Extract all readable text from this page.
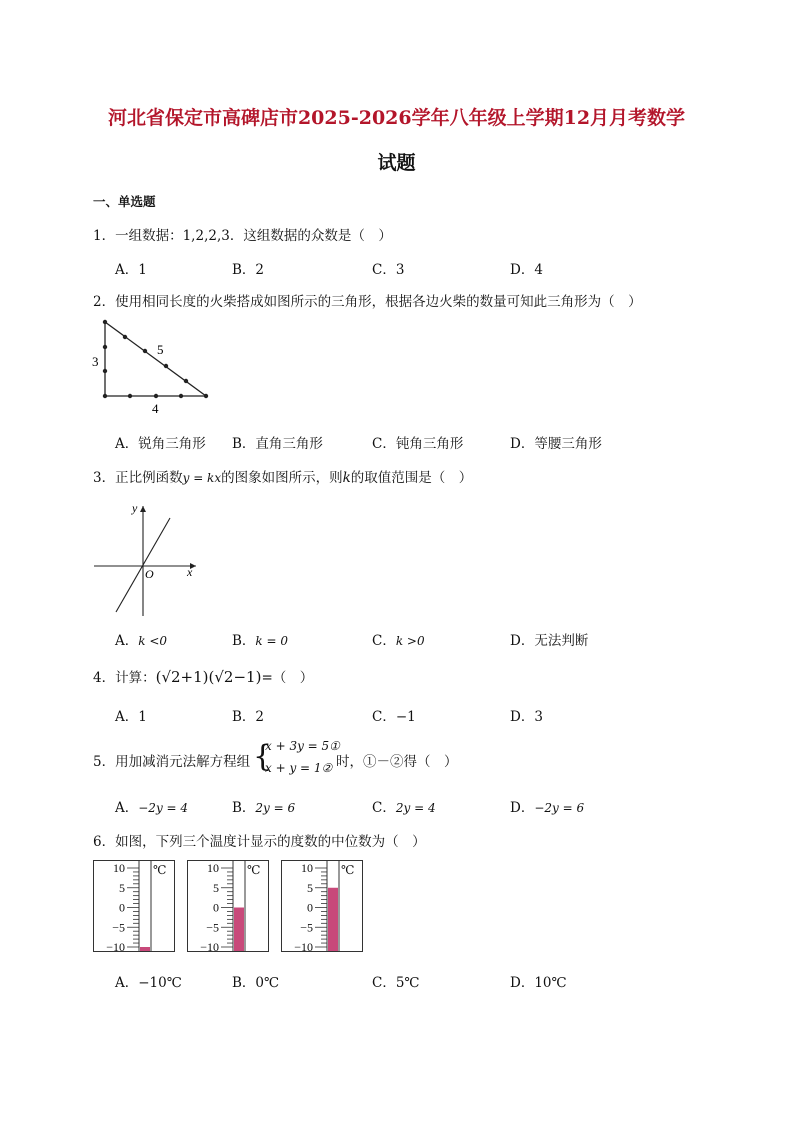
河北省保定市高碑店市2025-2026学年八年级上学期12月月考数学
试题
一、单选题
1．一组数据：1,2,2,3．这组数据的众数是（　）
A．1	B．2	C．3	D．4
2．使用相同长度的火柴搭成如图所示的三角形，根据各边火柴的数量可知此三角形为（　）
3
5
4
A．锐角三角形 B．直角三角形	C．钝角三角形	D．等腰三角形
3．正比例函数y = kx的图象如图所示，则k的取值范围是（　）
y
x
O
A．k <0	B．k = 0	C．k >0	D．无法判断
4．计算：(√2+1)(√2−1)=（　）
A．1	B．2	C．−1	D．3
5．用加减消元法解方程组 {
x + 3y = 5①
x + y = 1② 时，①－②得（　）
A．−2y = 4	B．2y = 6	C．2y = 4	D．−2y = 6
6．如图，下列三个温度计显示的度数的中位数为（　）
A．−10℃	B．0℃	C．5℃	D．10℃
10
5
0
−5
−10
℃	10
5
0
−5
−10
℃	10
5
0
−5
−10
℃
